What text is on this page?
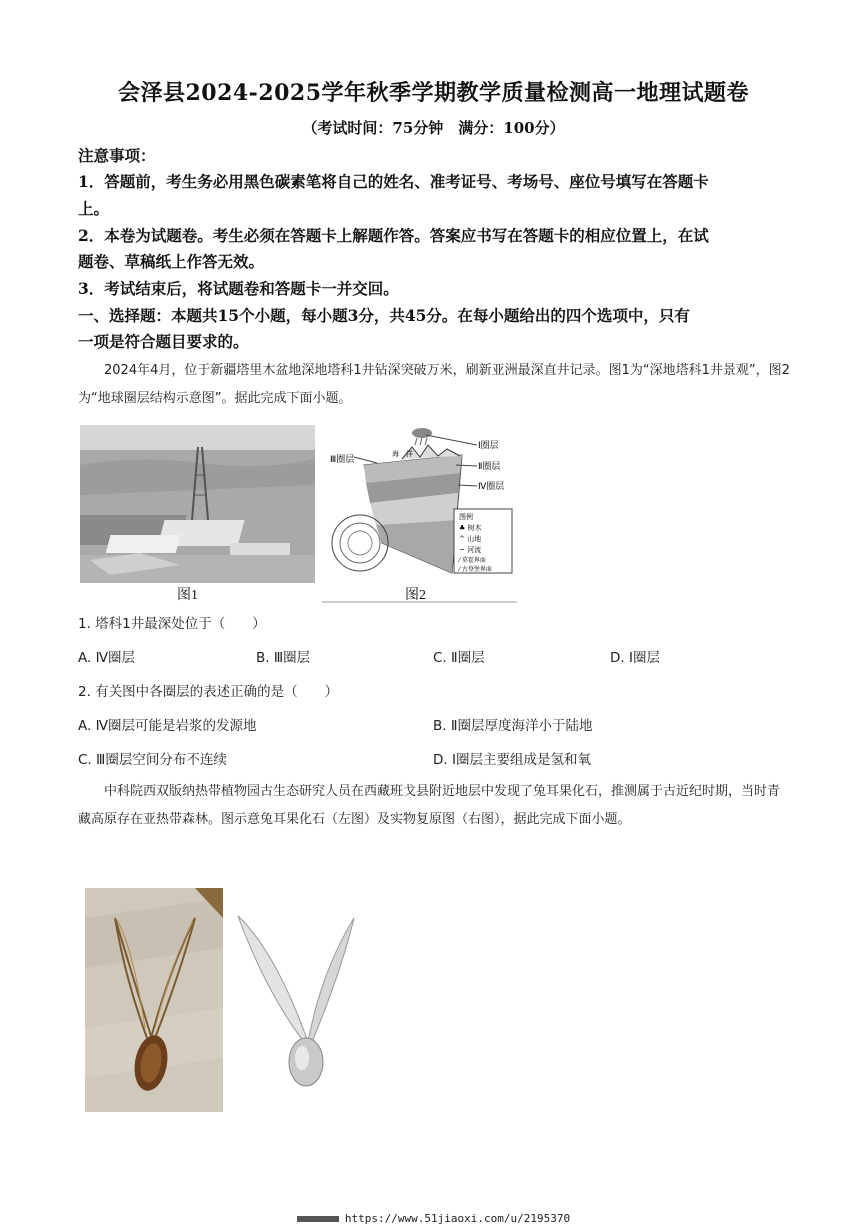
会泽县2024-2025学年秋季学期教学质量检测高一地理试题卷
（考试时间：75分钟　满分：100分）
注意事项：
1．答题前，考生务必用黑色碳素笔将自己的姓名、准考证号、考场号、座位号填写在答题卡
上。
2．本卷为试题卷。考生必须在答题卡上解题作答。答案应书写在答题卡的相应位置上，在试
题卷、草稿纸上作答无效。
3．考试结束后，将试题卷和答题卡一并交回。
一、选择题：本题共15个小题，每小题3分，共45分。在每小题给出的四个选项中，只有
一项是符合题目要求的。
2024年4月，位于新疆塔里木盆地深地塔科1井钻深突破万米，刷新亚洲最深直井记录。图1为“深地塔科1井景观”，图2为“地球圈层结构示意图”。据此完成下面小题。
图1
Ⅲ圈层
海　洋
Ⅰ圈层
Ⅱ圈层
Ⅳ圈层
图例
♣ 树木
^ 山地
~ 河流
⁄ 莫霍界面
⁄ 古登堡界面
图2
1. 塔科1井最深处位于（　　）
A. Ⅳ圈层	B. Ⅲ圈层	C. Ⅱ圈层	D. Ⅰ圈层
2. 有关图中各圈层的表述正确的是（　　）
A. Ⅳ圈层可能是岩浆的发源地	B. Ⅱ圈层厚度海洋小于陆地
C. Ⅲ圈层空间分布不连续	D. Ⅰ圈层主要组成是氢和氧
中科院西双版纳热带植物园古生态研究人员在西藏班戈县附近地层中发现了兔耳果化石，推测属于古近纪时期，当时青藏高原存在亚热带森林。图示意兔耳果化石（左图）及实物复原图（右图），据此完成下面小题。
https://www.51jiaoxi.com/u/2195370
